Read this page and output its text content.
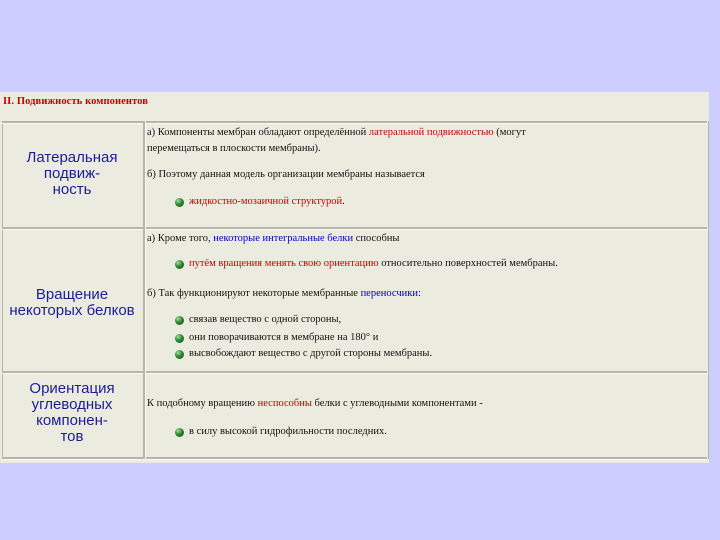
II. Подвижность компонентов
Латеральная
подвиж-
ность
а) Компоненты мембран обладают определённой латеральной подвижностью (могут
перемещаться в плоскости мембраны).
б) Поэтому данная модель организации мембраны называется
жидкостно-мозаичной структурой.
Вращение
некоторых белков
а) Кроме того, некоторые интегральные белки способны
путём вращения менять свою ориентацию относительно поверхностей мембраны.
б) Так функционируют некоторые мембранные переносчики:
связав вещество с одной стороны,
они поворачиваются в мембране на 180° и
высвобождают вещество с другой стороны мембраны.
Ориентация
углеводных
компонен-
тов
К подобному вращению неспособны белки с углеводными компонентами -
в силу высокой гидрофильности последних.
